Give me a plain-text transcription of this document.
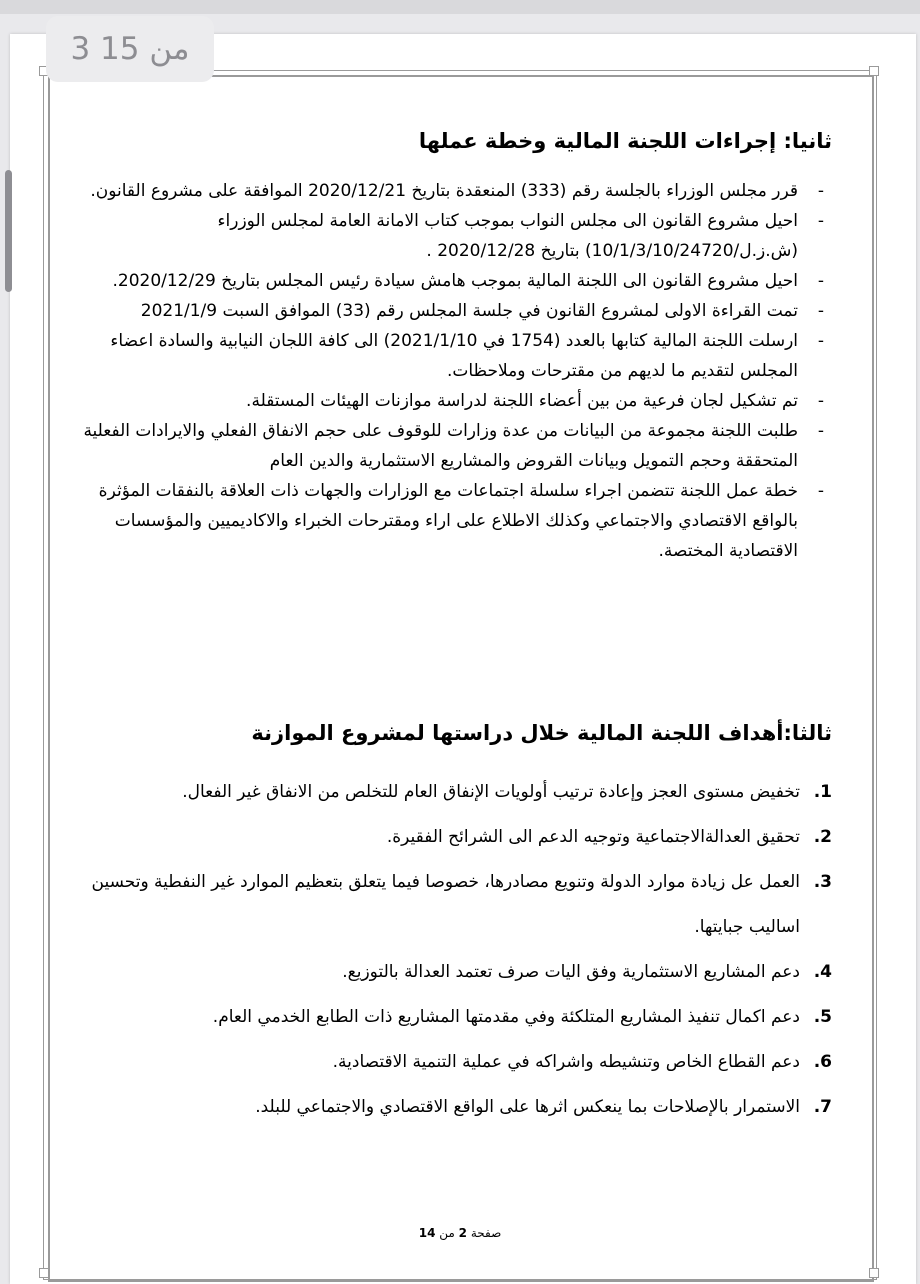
3 من 15
ثانيا: إجراءات اللجنة المالية وخطة عملها
-
قرر مجلس الوزراء بالجلسة رقم (333) المنعقدة بتاريخ 2020/12/21 الموافقة على مشروع القانون.
-
احيل مشروع القانون الى مجلس النواب بموجب كتاب الامانة العامة لمجلس الوزراء (ش.ز.ل/10/1/3/10/24720) بتاريخ 2020/12/28 .
-
احيل مشروع القانون الى اللجنة المالية بموجب هامش سيادة رئيس المجلس بتاريخ 2020/12/29.
-
تمت القراءة الاولى لمشروع القانون في جلسة المجلس رقم (33) الموافق السبت 2021/1/9
-
ارسلت اللجنة المالية كتابها بالعدد (1754 في 2021/1/10) الى كافة اللجان النيابية والسادة اعضاء المجلس لتقديم ما لديهم من مقترحات وملاحظات.
-
تم تشكيل لجان فرعية من بين أعضاء اللجنة لدراسة موازنات الهيئات المستقلة.
-
طلبت اللجنة مجموعة من البيانات من عدة وزارات للوقوف على حجم الانفاق الفعلي والايرادات الفعلية المتحققة وحجم التمويل وبيانات القروض والمشاريع الاستثمارية والدين العام
-
خطة عمل اللجنة تتضمن اجراء سلسلة اجتماعات مع الوزارات والجهات ذات العلاقة بالنفقات المؤثرة بالواقع الاقتصادي والاجتماعي وكذلك الاطلاع على اراء ومقترحات الخبراء والاكاديميين والمؤسسات الاقتصادية المختصة.
ثالثا:أهداف اللجنة المالية خلال دراستها لمشروع الموازنة
1.
تخفيض مستوى العجز وإعادة ترتيب أولويات الإنفاق العام للتخلص من الانفاق غير الفعال.
2.
تحقيق العدالةالاجتماعية وتوجيه الدعم الى الشرائح الفقيرة.
3.
العمل عل زيادة موارد الدولة وتنويع مصادرها، خصوصا فيما يتعلق بتعظيم الموارد غير النفطية وتحسين اساليب جبايتها.
4.
دعم المشاريع الاستثمارية وفق اليات صرف تعتمد العدالة بالتوزيع.
5.
دعم اكمال تنفيذ المشاريع المتلكئة وفي مقدمتها المشاريع ذات الطابع الخدمي العام.
6.
دعم القطاع الخاص وتنشيطه واشراكه في عملية التنمية الاقتصادية.
7.
الاستمرار بالإصلاحات بما ينعكس اثرها على الواقع الاقتصادي والاجتماعي للبلد.
صفحة 2 من 14
